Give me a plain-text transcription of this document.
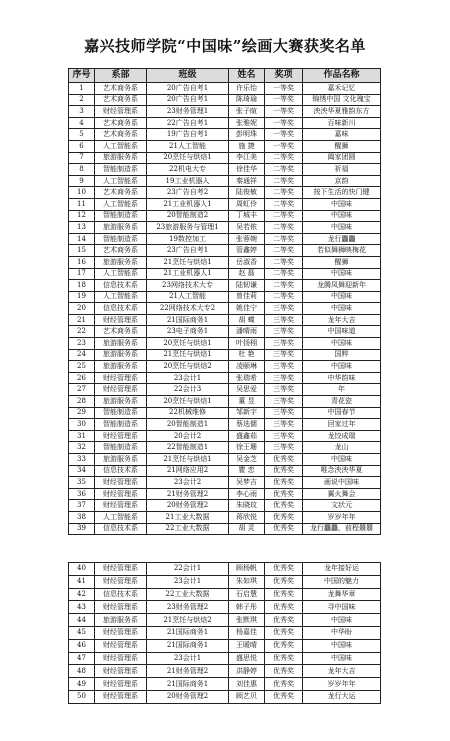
嘉兴技师学院“中国味”绘画大赛获奖名单
序号	系部	班级	姓名	奖项	作品名称
1	艺术商务系	20广告自考1	许乐怡	一等奖	嘉禾记忆
2	艺术商务系	20广告自考1	陈琦瑜	一等奖	锦绣中国 文化瑰宝
3	财经管理系	23财务管理1	张子暄	一等奖	泱泱华夏雅韵东方
4	艺术商务系	22广告自考1	张雅妮	一等奖	百味新川
5	艺术商务系	19广告自考1	彭明珠	一等奖	嘉味
6	人工智能系	21人工智能	施 捷	一等奖	醒狮
7	旅游服务系	20烹饪与烘焙1	李江美	二等奖	阖家团圆
8	智能制造系	22机电大专	徐佳华	二等奖	祈福
9	人工智能系	19工业机器人	秦通祥	二等奖	京韵
10	艺术商务系	23广告自考2	陆俊敏	二等奖	按下生活的快门键
11	人工智能系	21工业机器人1	周虹伶	二等奖	中国味
12	智能制造系	20智能制造2	丁城丰	二等奖	中国味
13	旅游服务系	23旅游服务与管理1	吴若侬	二等奖	中国味
14	智能制造系	19数控加工	张蓉婉	二等奖	龙行龘龘
15	艺术商务系	23广告自考1	管鑫婷	二等奖	若似舞狮映梅花
16	旅游服务系	21烹饪与烘焙1	岳淑香	二等奖	醒狮
17	人工智能系	21工业机器人1	赵 磊	二等奖	中国味
18	信息技术系	23网络技术大专	陆韧谦	二等奖	龙腾凤舞迎新年
19	人工智能系	21人工智能	曾佳莉	二等奖	中国味
20	信息技术系	22网络技术大专2	姚佳宁	三等奖	中国味
21	财经管理系	21国际商务1	胡 蝶	三等奖	龙年大吉
22	艺术商务系	23电子商务1	潘晴雨	三等奖	中国味道
23	旅游服务系	20烹饪与烘焙1	叶扬栩	三等奖	中国味
24	旅游服务系	21烹饪与烘焙1	杜 艳	三等奖	国粹
25	旅游服务系	20烹饪与烘焙2	凌颐琳	三等奖	中国味
26	财经管理系	23会计1	张瑞希	三等奖	中华韵味
27	财经管理系	22会计3	吴思爱	三等奖	年
28	旅游服务系	20烹饪与烘焙1	董 昱	三等奖	青花瓷
29	智能制造系	22机械维修	邹新宇	三等奖	中国春节
30	智能制造系	20智能制造1	蔡选儒	三等奖	回家过年
31	财经管理系	20会计2	盛鑫茹	三等奖	龙饺成瑞
32	智能制造系	22智能制造1	徐王珊	三等奖	龙山
33	旅游服务系	21烹饪与烘焙1	吴金芝	优秀奖	中国味
34	信息技术系	21网络应用2	瞿 恋	优秀奖	唯念泱泱华夏
35	财经管理系	23会计2	吴梦吉	优秀奖	画说中国味
36	财经管理系	21财务管理2	李心雨	优秀奖	翼火舞会
37	财经管理系	20财务管理2	朱晓玟	优秀奖	文状元
38	人工智能系	21工业大数据	蒋欣悦	优秀奖	岁岁年年
39	信息技术系	22工业大数据	胡 灵	优秀奖	龙行龘龘，前程朤朤
40	财经管理系	22会计1	顾杨帆	优秀奖	龙年接好运
41	财经管理系	23会计1	朱如琪	优秀奖	中国的魅力
42	信息技术系	22工业大数据	石启慧	优秀奖	龙舞华章
43	财经管理系	23财务管理2	韩子彤	优秀奖	寻中国味
44	旅游服务系	21烹饪与烘焙2	张默琪	优秀奖	中国味
45	财经管理系	21国际商务1	杨嘉佳	优秀奖	中华盼
46	财经管理系	21国际商务1	王暖晴	优秀奖	中国味
47	财经管理系	23会计1	盛思悦	优秀奖	中国味
48	财经管理系	21财务管理2	洪静婷	优秀奖	龙年大吉
49	财经管理系	21国际商务1	刘佳惠	优秀奖	岁岁年年
50	财经管理系	20财务管理2	顾艺贝	优秀奖	龙行大运
